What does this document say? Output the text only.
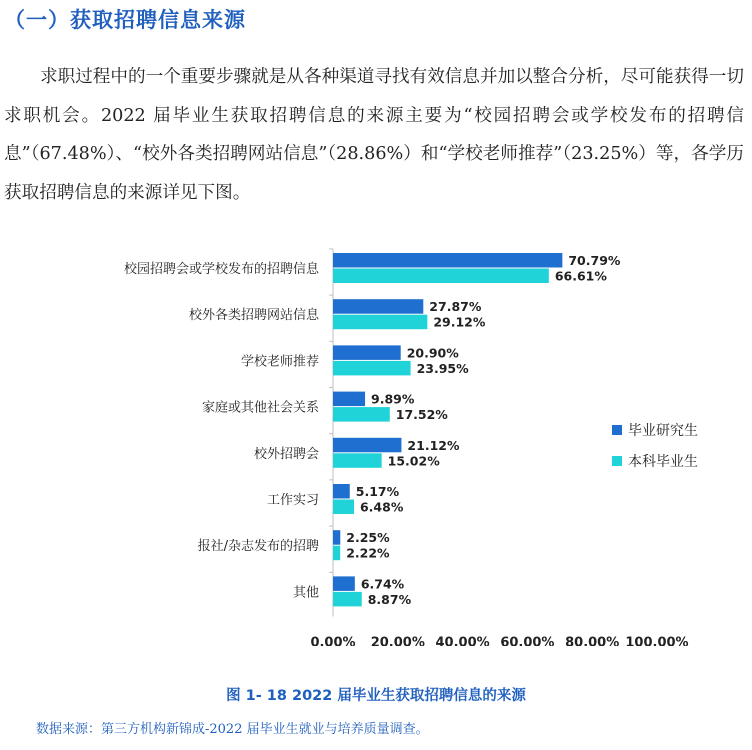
（一）获取招聘信息来源

求职过程中的一个重要步骤就是从各种渠道寻找有效信息并加以整合分析，尽可能获得一切求职机会。2022 届毕业生获取招聘信息的来源主要为“校园招聘会或学校发布的招聘信息”（67.48%）、“校外各类招聘网站信息”（28.86%）和“学校老师推荐”（23.25%）等，各学历获取招聘信息的来源详见下图。

校园招聘会或学校发布的招聘信息
70.79%
66.61%
校外各类招聘网站信息
27.87%
29.12%
学校老师推荐
20.90%
23.95%
家庭或其他社会关系
9.89%
17.52%
校外招聘会
21.12%
15.02%
工作实习
5.17%
6.48%
报社/杂志发布的招聘
2.25%
2.22%
其他
6.74%
8.87%
0.00% 20.00% 40.00% 60.00% 80.00% 100.00%
毕业研究生
本科毕业生
图 1- 18 2022 届毕业生获取招聘信息的来源
数据来源：第三方机构新锦成-2022 届毕业生就业与培养质量调查。
